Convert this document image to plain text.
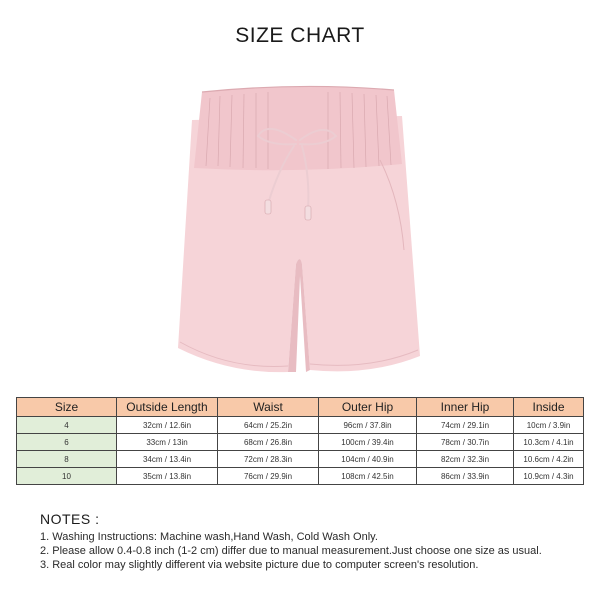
SIZE CHART
Size	Outside Length	Waist	Outer Hip	Inner Hip	Inside
4	32cm / 12.6in	64cm / 25.2in	96cm / 37.8in	74cm / 29.1in	10cm / 3.9in
6	33cm / 13in	68cm / 26.8in	100cm / 39.4in	78cm / 30.7in	10.3cm / 4.1in
8	34cm / 13.4in	72cm / 28.3in	104cm / 40.9in	82cm / 32.3in	10.6cm / 4.2in
10	35cm / 13.8in	76cm / 29.9in	108cm / 42.5in	86cm / 33.9in	10.9cm / 4.3in
NOTES :
1. Washing Instructions: Machine wash,Hand Wash, Cold Wash Only.
2. Please allow 0.4-0.8 inch (1-2 cm) differ due to manual measurement.Just choose one size as usual.
3. Real color may slightly different via website picture due to computer screen's resolution.
